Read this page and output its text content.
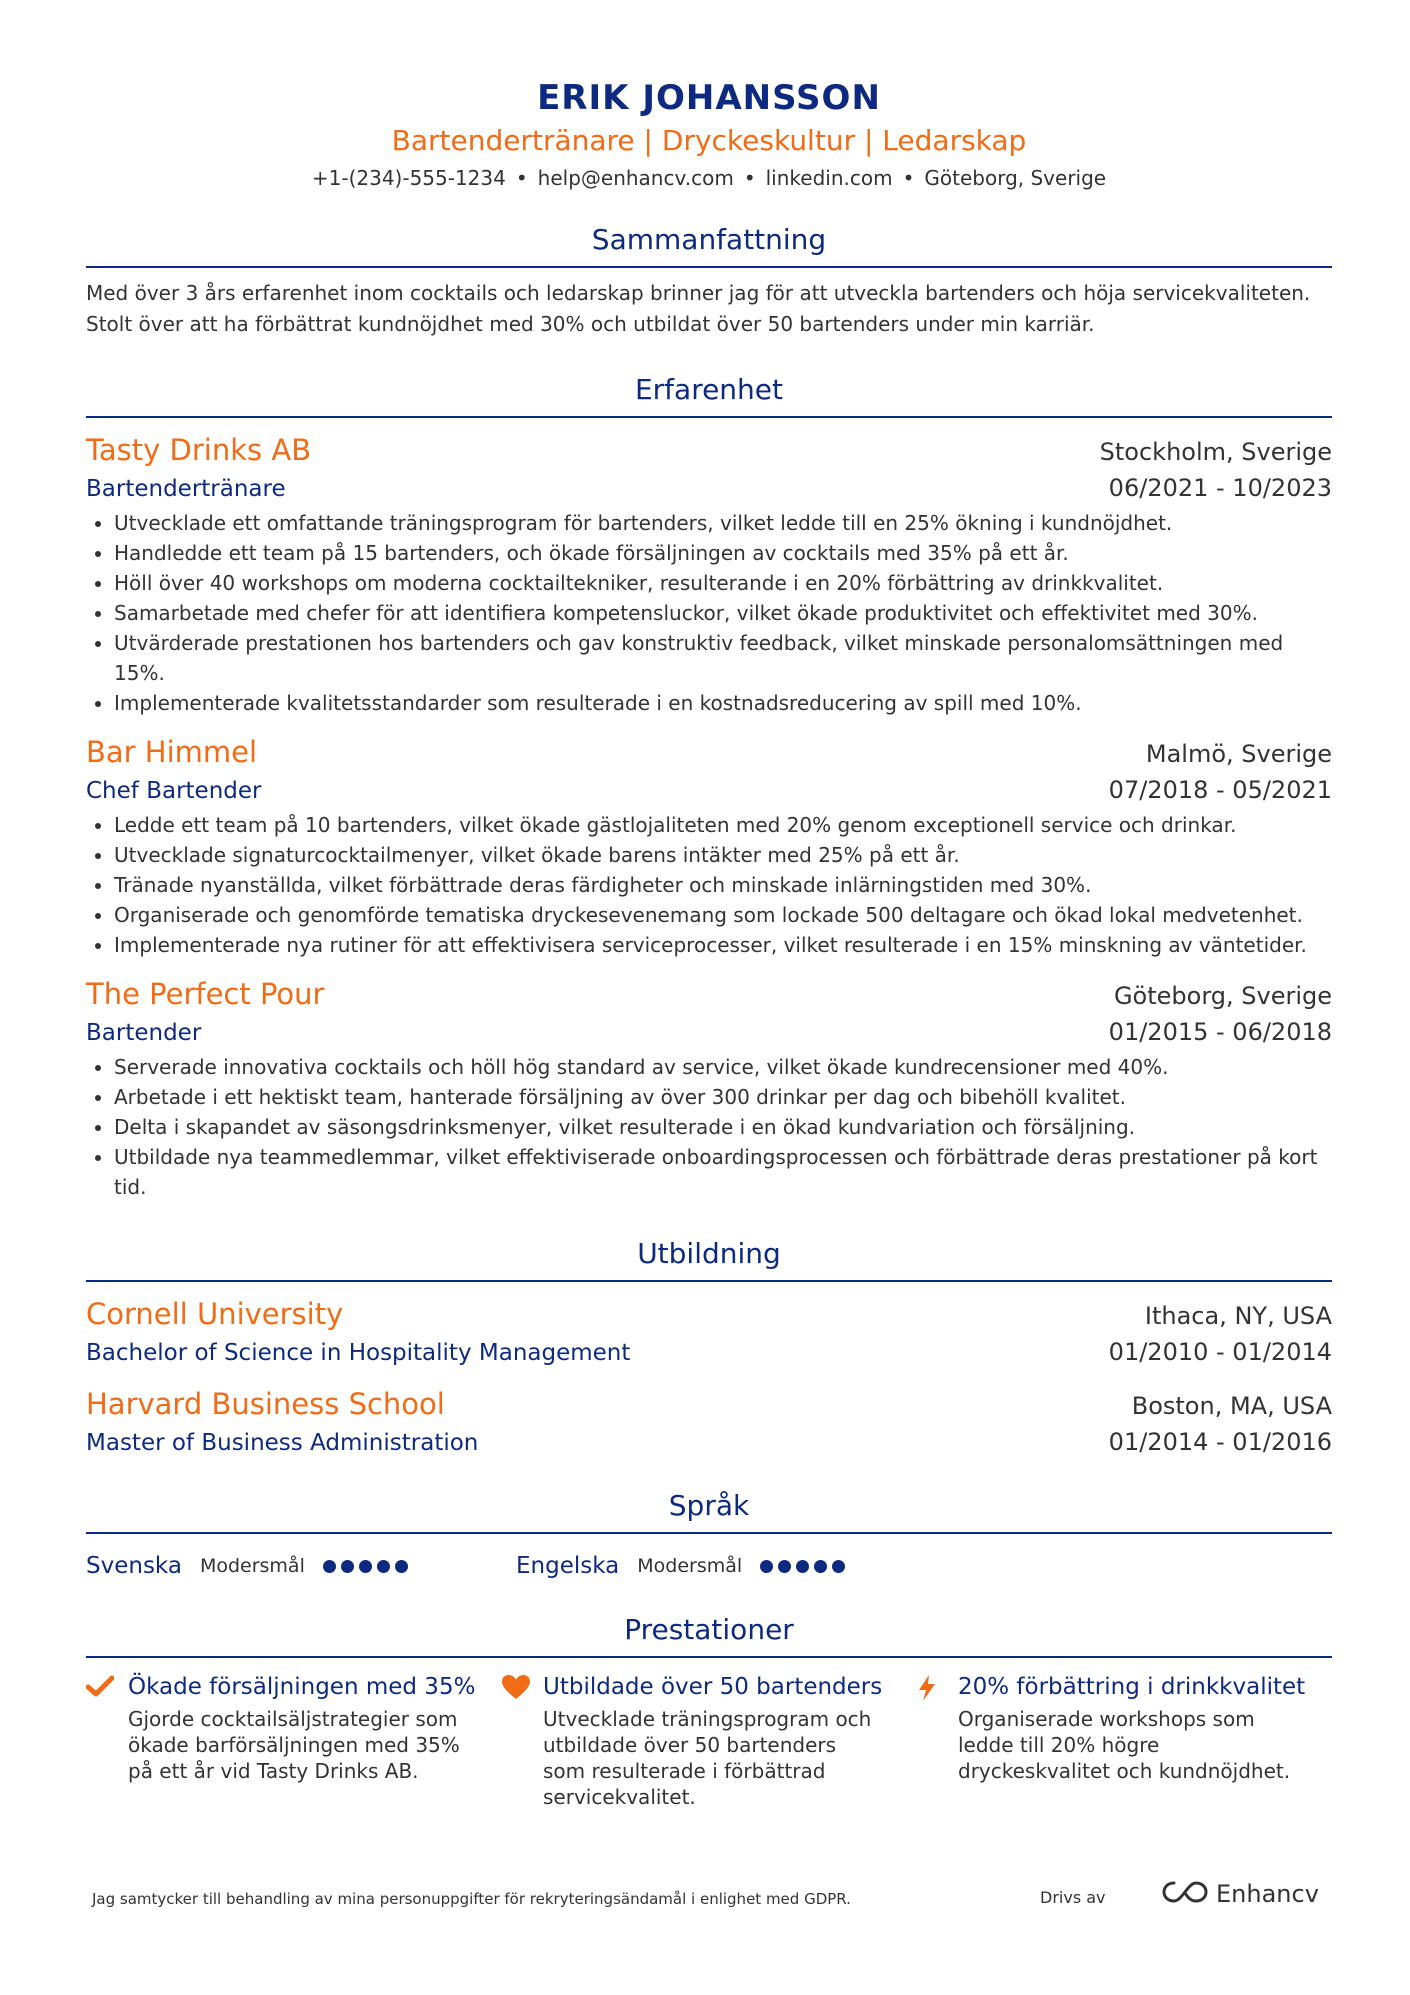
ERIK JOHANSSON
Bartendertränare | Dryckeskultur | Ledarskap
+1-(234)-555-1234 • help@enhancv.com • linkedin.com • Göteborg, Sverige
Sammanfattning
Med över 3 års erfarenhet inom cocktails och ledarskap brinner jag för att utveckla bartenders och höja servicekvaliteten. Stolt över att ha förbättrat kundnöjdhet med 30% och utbildat över 50 bartenders under min karriär.
Erfarenhet
Tasty Drinks AB	Stockholm, Sverige
Bartendertränare	06/2021 - 10/2023
• Utvecklade ett omfattande träningsprogram för bartenders, vilket ledde till en 25% ökning i kundnöjdhet.
• Handledde ett team på 15 bartenders, och ökade försäljningen av cocktails med 35% på ett år.
• Höll över 40 workshops om moderna cocktailtekniker, resulterande i en 20% förbättring av drinkkvalitet.
• Samarbetade med chefer för att identifiera kompetensluckor, vilket ökade produktivitet och effektivitet med 30%.
• Utvärderade prestationen hos bartenders och gav konstruktiv feedback, vilket minskade personalomsättningen med 15%.
• Implementerade kvalitetsstandarder som resulterade i en kostnadsreducering av spill med 10%.
Bar Himmel	Malmö, Sverige
Chef Bartender	07/2018 - 05/2021
• Ledde ett team på 10 bartenders, vilket ökade gästlojaliteten med 20% genom exceptionell service och drinkar.
• Utvecklade signaturcocktailmenyer, vilket ökade barens intäkter med 25% på ett år.
• Tränade nyanställda, vilket förbättrade deras färdigheter och minskade inlärningstiden med 30%.
• Organiserade och genomförde tematiska dryckesevenemang som lockade 500 deltagare och ökad lokal medvetenhet.
• Implementerade nya rutiner för att effektivisera serviceprocesser, vilket resulterade i en 15% minskning av väntetider.
The Perfect Pour	Göteborg, Sverige
Bartender	01/2015 - 06/2018
• Serverade innovativa cocktails och höll hög standard av service, vilket ökade kundrecensioner med 40%.
• Arbetade i ett hektiskt team, hanterade försäljning av över 300 drinkar per dag och bibehöll kvalitet.
• Delta i skapandet av säsongsdrinksmenyer, vilket resulterade i en ökad kundvariation och försäljning.
• Utbildade nya teammedlemmar, vilket effektiviserade onboardingsprocessen och förbättrade deras prestationer på kort tid.
Utbildning
Cornell University	Ithaca, NY, USA
Bachelor of Science in Hospitality Management	01/2010 - 01/2014
Harvard Business School	Boston, MA, USA
Master of Business Administration	01/2014 - 01/2016
Språk
Svenska Modersmål	Engelska Modersmål
Prestationer
Ökade försäljningen med 35%
Gjorde cocktailsäljstrategier som ökade barförsäljningen med 35% på ett år vid Tasty Drinks AB.
Utbildade över 50 bartenders
Utvecklade träningsprogram och utbildade över 50 bartenders som resulterade i förbättrad servicekvalitet.
20% förbättring i drinkkvalitet
Organiserade workshops som ledde till 20% högre dryckeskvalitet och kundnöjdhet.
Jag samtycker till behandling av mina personuppgifter för rekryteringsändamål i enlighet med GDPR.	Drivs av	Enhancv
